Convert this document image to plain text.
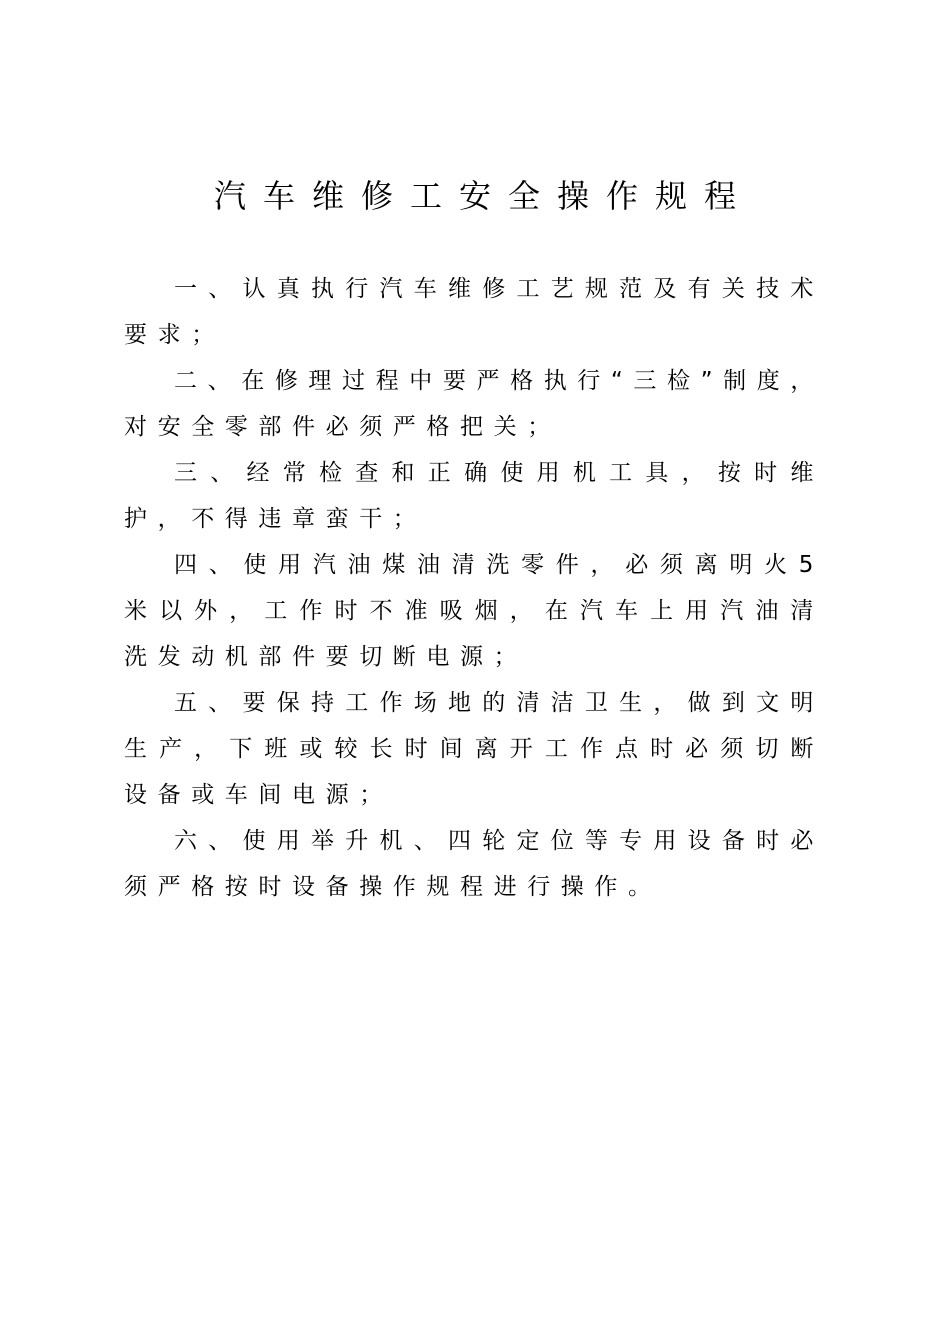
汽车维修工安全操作规程

一、认真执行汽车维修工艺规范及有关技术要求；

二、在修理过程中要严格执行“三检”制度，对安全零部件必须严格把关；

三、经常检查和正确使用机工具，按时维护，不得违章蛮干；

四、使用汽油煤油清洗零件，必须离明火5米以外，工作时不准吸烟，在汽车上用汽油清洗发动机部件要切断电源；

五、要保持工作场地的清洁卫生，做到文明生产，下班或较长时间离开工作点时必须切断设备或车间电源；

六、使用举升机、四轮定位等专用设备时必须严格按时设备操作规程进行操作。
